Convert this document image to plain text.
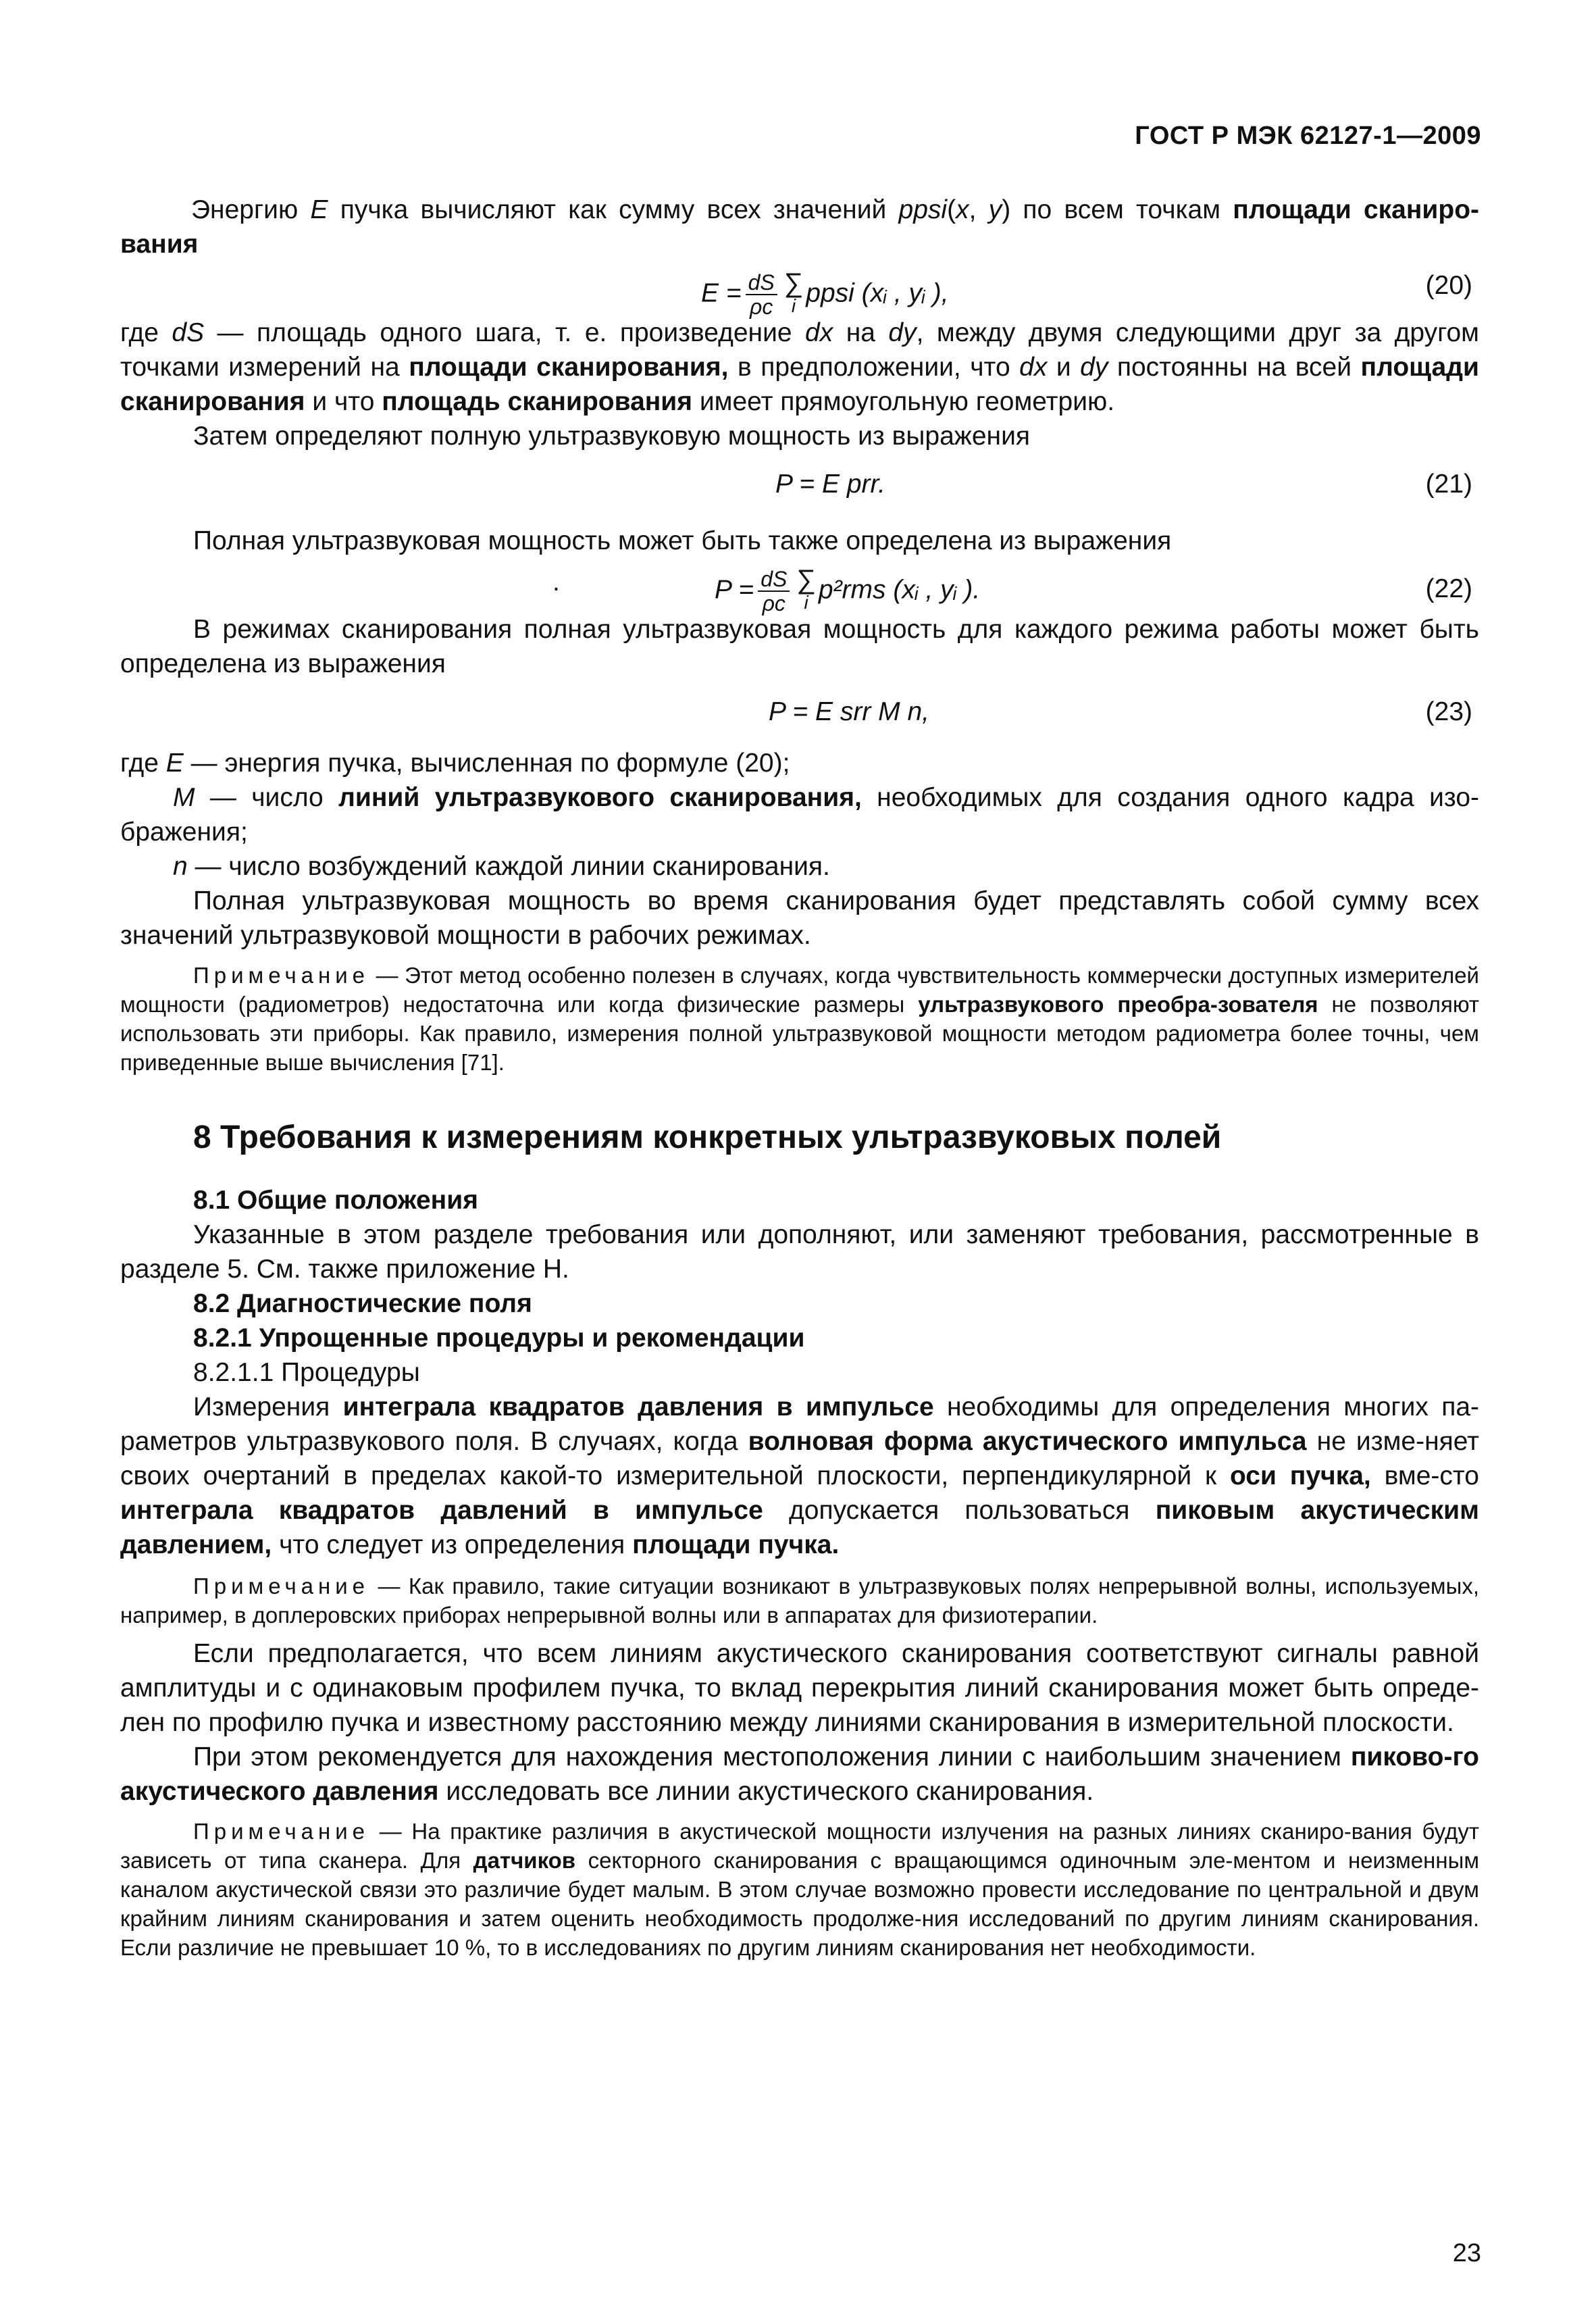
ГОСТ Р МЭК 62127-1—2009

Энергию E пучка вычисляют как сумму всех значений ppsi(x, y) по всем точкам площади сканиро-вания

$E = \frac{dS}{\rho c}$ ∑
i ppsi (xᵢ , yᵢ ),	(20)

где dS — площадь одного шага, т. е. произведение dx на dy, между двумя следующими друг за другом точками измерений на площади сканирования, в предположении, что dx и dy постоянны на всей площади сканирования и что площадь сканирования имеет прямоугольную геометрию.

Затем определяют полную ультразвуковую мощность из выражения

P = E prr.	(21)

Полная ультразвуковая мощность может быть также определена из выражения

.	$P = \frac{dS}{\rho c}$ ∑
i p²rms (xᵢ , yᵢ ).	(22)

В режимах сканирования полная ультразвуковая мощность для каждого режима работы может быть определена из выражения

P = E srr M n,	(23)

где E — энергия пучка, вычисленная по формуле (20);
M — число линий ультразвукового сканирования, необходимых для создания одного кадра изо-бражения;
n — число возбуждений каждой линии сканирования.

Полная ультразвуковая мощность во время сканирования будет представлять собой сумму всех значений ультразвуковой мощности в рабочих режимах.

Примечание — Этот метод особенно полезен в случаях, когда чувствительность коммерчески доступных измерителей мощности (радиометров) недостаточна или когда физические размеры ультразвукового преобра-зователя не позволяют использовать эти приборы. Как правило, измерения полной ультразвуковой мощности методом радиометра более точны, чем приведенные выше вычисления [71].

8 Требования к измерениям конкретных ультразвуковых полей

8.1 Общие положения

Указанные в этом разделе требования или дополняют, или заменяют требования, рассмотренные в разделе 5. См. также приложение Н.

8.2 Диагностические поля

8.2.1 Упрощенные процедуры и рекомендации

8.2.1.1 Процедуры

Измерения интеграла квадратов давления в импульсе необходимы для определения многих па-раметров ультразвукового поля. В случаях, когда волновая форма акустического импульса не изме-няет своих очертаний в пределах какой-то измерительной плоскости, перпендикулярной к оси пучка, вме-сто интеграла квадратов давлений в импульсе допускается пользоваться пиковым акустическим давлением, что следует из определения площади пучка.

Примечание — Как правило, такие ситуации возникают в ультразвуковых полях непрерывной волны, используемых, например, в доплеровских приборах непрерывной волны или в аппаратах для физиотерапии.

Если предполагается, что всем линиям акустического сканирования соответствуют сигналы равной амплитуды и с одинаковым профилем пучка, то вклад перекрытия линий сканирования может быть опреде-лен по профилю пучка и известному расстоянию между линиями сканирования в измерительной плоскости.

При этом рекомендуется для нахождения местоположения линии с наибольшим значением пиково-го акустического давления исследовать все линии акустического сканирования.

Примечание — На практике различия в акустической мощности излучения на разных линиях сканиро-вания будут зависеть от типа сканера. Для датчиков секторного сканирования с вращающимся одиночным эле-ментом и неизменным каналом акустической связи это различие будет малым. В этом случае возможно провести исследование по центральной и двум крайним линиям сканирования и затем оценить необходимость продолже-ния исследований по другим линиям сканирования. Если различие не превышает 10 %, то в исследованиях по другим линиям сканирования нет необходимости.

23
